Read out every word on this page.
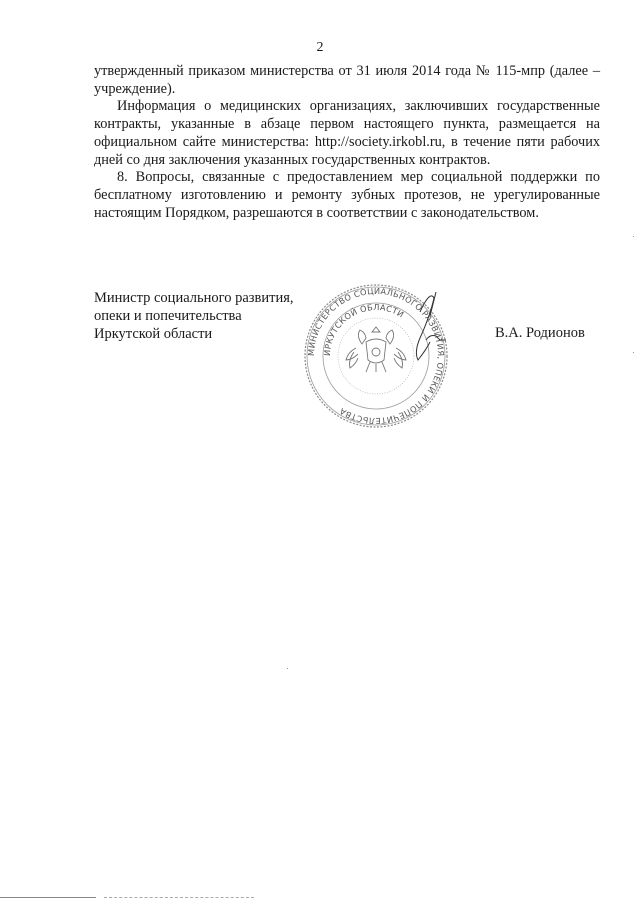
2

утвержденный приказом министерства от 31 июля 2014 года № 115-мпр (далее – учреждение).

Информация о медицинских организациях, заключивших государственные контракты, указанные в абзаце первом настоящего пункта, размещается на официальном сайте министерства: http://society.irkobl.ru, в течение пяти рабочих дней со дня заключения указанных государственных контрактов.

8. Вопросы, связанные с предоставлением мер социальной поддержки по бесплатному изготовлению и ремонту зубных протезов, не урегулированные настоящим Порядком, разрешаются в соответствии с законодательством.

Министр социального развития,
опеки и попечительства
Иркутской области
МИНИСТЕРСТВО СОЦИАЛЬНОГО РАЗВИТИЯ, ОПЕКИ И ПОПЕЧИТЕЛЬСТВА
ИРКУТСКОЙ ОБЛАСТИ
В.А. Родионов
